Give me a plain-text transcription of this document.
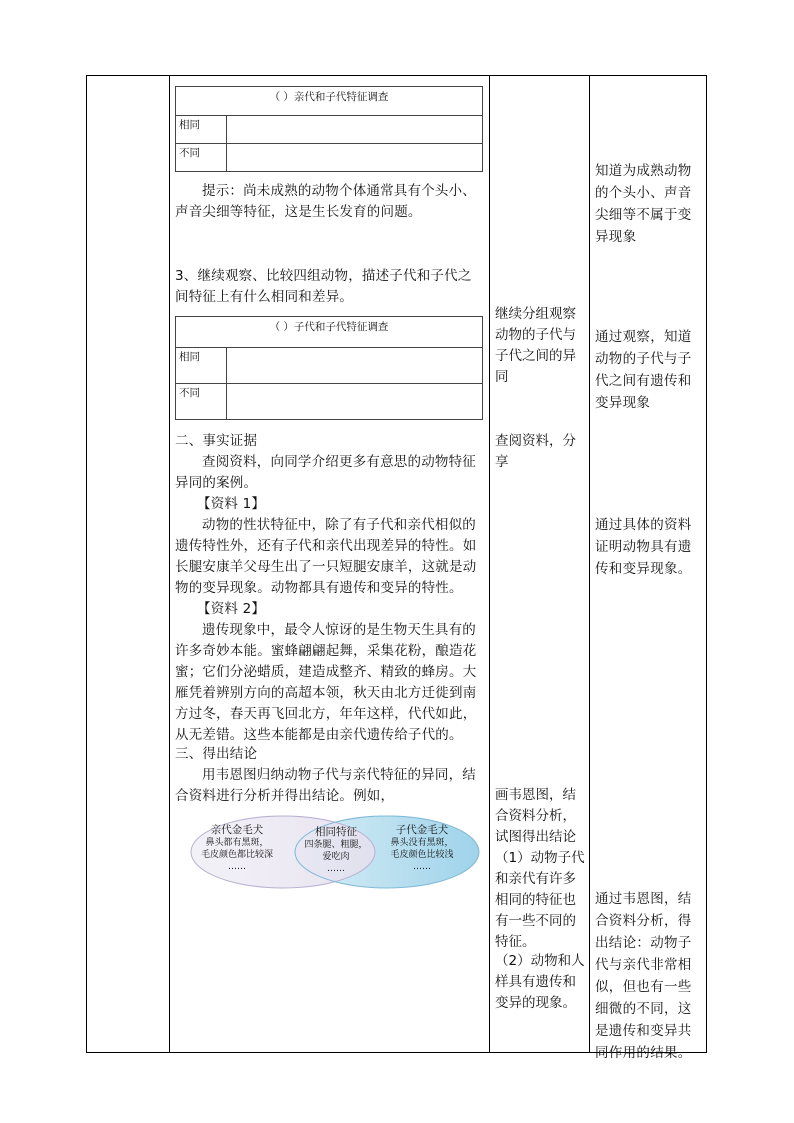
（ ）亲代和子代特征调查
相同
不同
提示：尚未成熟的动物个体通常具有个头小、声音尖细等特征，这是生长发育的问题。
3、继续观察、比较四组动物，描述子代和子代之间特征上有什么相同和差异。
（ ）子代和子代特征调查
相同
不同
二、事实证据
查阅资料，向同学介绍更多有意思的动物特征异同的案例。
【资料 1】
动物的性状特征中，除了有子代和亲代相似的遗传特性外，还有子代和亲代出现差异的特性。如长腿安康羊父母生出了一只短腿安康羊，这就是动物的变异现象。动物都具有遗传和变异的特性。
【资料 2】
遗传现象中，最令人惊讶的是生物天生具有的许多奇妙本能。蜜蜂翩翩起舞，采集花粉，酿造花蜜；它们分泌蜡质，建造成整齐、精致的蜂房。大雁凭着辨别方向的高超本领，秋天由北方迁徙到南方过冬，春天再飞回北方，年年这样，代代如此，从无差错。这些本能都是由亲代遗传给子代的。
三、得出结论
用韦恩图归纳动物子代与亲代特征的异同，结合资料进行分析并得出结论。例如，
亲代金毛犬
鼻头都有黑斑，
毛皮颜色都比较深
……
相同特征
四条腿、粗腿，
爱吃肉
……
子代金毛犬
鼻头没有黑斑，
毛皮颜色比较浅
……
继续分组观察动物的子代与子代之间的异同
查阅资料，分享
画韦恩图，结合资料分析，试图得出结论
（1）动物子代和亲代有许多相同的特征也有一些不同的特征。
（2）动物和人样具有遗传和变异的现象。
知道为成熟动物的个头小、声音尖细等不属于变异现象
通过观察，知道动物的子代与子代之间有遗传和变异现象
通过具体的资料证明动物具有遗传和变异现象。
通过韦恩图，结合资料分析，得出结论：动物子代与亲代非常相似，但也有一些细微的不同，这是遗传和变异共同作用的结果。
